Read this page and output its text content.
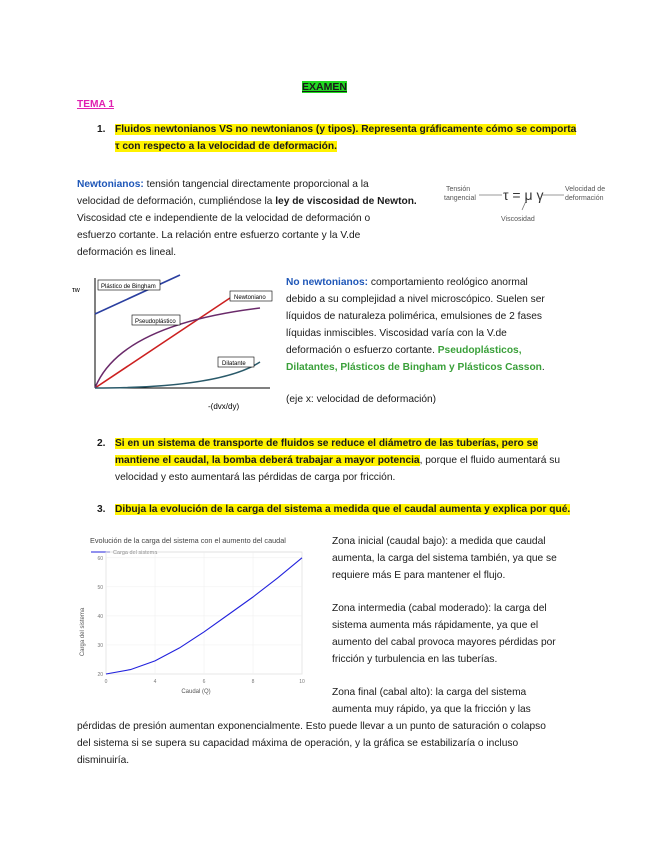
EXAMEN
TEMA 1
1. Fluidos newtonianos VS no newtonianos (y tipos). Representa gráficamente cómo se comporta
τ con respecto a la velocidad de deformación.
Newtonianos: tensión tangencial directamente proporcional a la
velocidad de deformación, cumpliéndose la ley de viscosidad de Newton.
Viscosidad cte e independiente de la velocidad de deformación o
esfuerzo cortante. La relación entre esfuerzo cortante y la V.de
deformación es lineal.
Tensión
tangencial τ = μ γ	Velocidad de
deformación
Viscosidad
τw	Plástico de Bingham
Newtoniano
Pseudoplástico
Dilatante
-(dvx/dy)
No newtonianos: comportamiento reológico anormal
debido a su complejidad a nivel microscópico. Suelen ser
líquidos de naturaleza polimérica, emulsiones de 2 fases
líquidas inmiscibles. Viscosidad varía con la V.de
deformación o esfuerzo cortante. Pseudoplásticos,
Dilatantes, Plásticos de Bingham y Plásticos Casson.
(eje x: velocidad de deformación)
2. Si en un sistema de transporte de fluidos se reduce el diámetro de las tuberías, pero se
mantiene el caudal, la bomba deberá trabajar a mayor potencia, porque el fluido aumentará su
velocidad y esto aumentará las pérdidas de carga por fricción.
3. Dibuja la evolución de la carga del sistema a medida que el caudal aumenta y explica por qué.
Evolución de la carga del sistema con el aumento del caudal
Carga del sistema
20
30
40
50
60
0	4	6	8	10
Caudal (Q)
Carga del sistema
Zona inicial (caudal bajo): a medida que caudal
aumenta, la carga del sistema también, ya que se
requiere más E para mantener el flujo.
Zona intermedia (cabal moderado): la carga del
sistema aumenta más rápidamente, ya que el
aumento del cabal provoca mayores pérdidas por
fricción y turbulencia en las tuberías.
Zona final (cabal alto): la carga del sistema
aumenta muy rápido, ya que la fricción y las
pérdidas de presión aumentan exponencialmente. Esto puede llevar a un punto de saturación o colapso
del sistema si se supera su capacidad máxima de operación, y la gráfica se estabilizaría o incluso
disminuiría.
